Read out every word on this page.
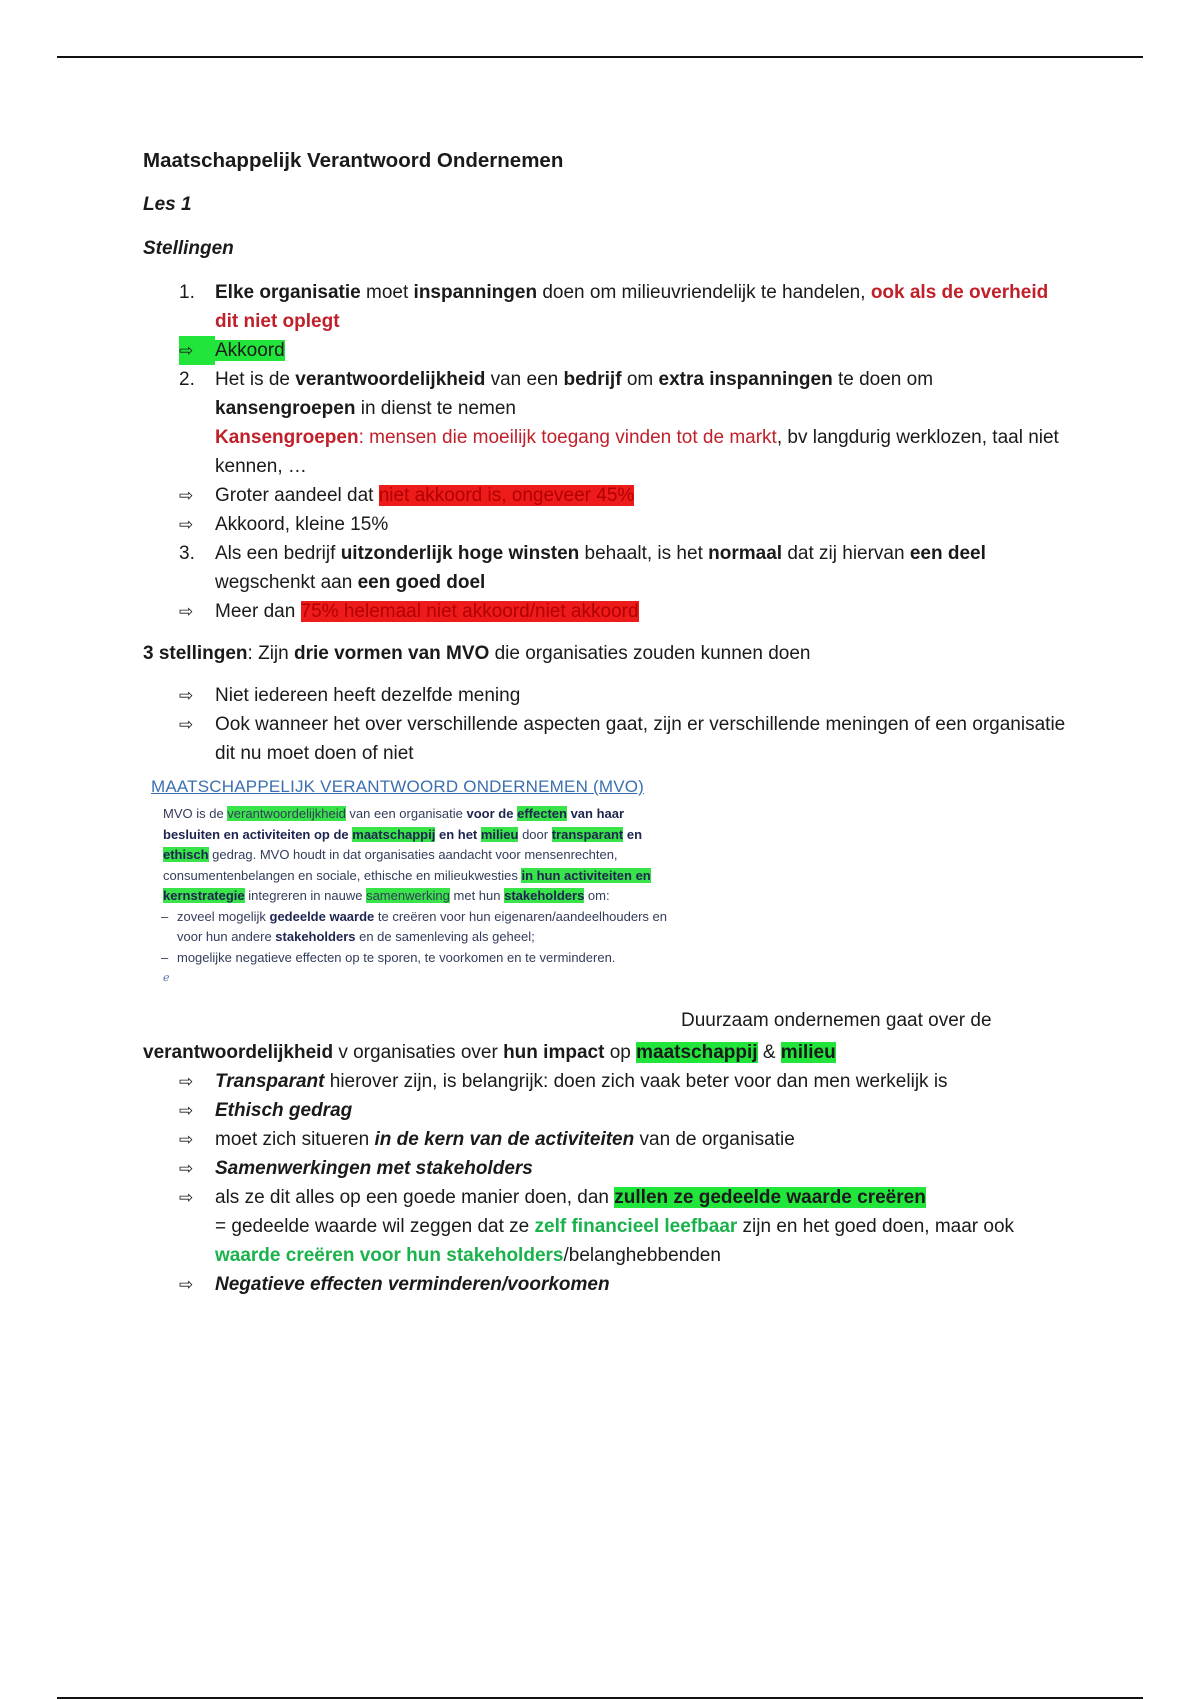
Maatschappelijk Verantwoord Ondernemen
Les 1
Stellingen
1. Elke organisatie moet inspanningen doen om milieuvriendelijk te handelen, ook als de overheid dit niet oplegt
⇨	Akkoord
2. Het is de verantwoordelijkheid van een bedrijf om extra inspanningen te doen om kansengroepen in dienst te nemen
Kansengroepen: mensen die moeilijk toegang vinden tot de markt, bv langdurig werklozen, taal niet kennen, …
⇨	Groter aandeel dat niet akkoord is, ongeveer 45%
⇨	Akkoord, kleine 15%
3. Als een bedrijf uitzonderlijk hoge winsten behaalt, is het normaal dat zij hiervan een deel wegschenkt aan een goed doel
⇨	Meer dan 75% helemaal niet akkoord/niet akkoord
3 stellingen: Zijn drie vormen van MVO die organisaties zouden kunnen doen
⇨	Niet iedereen heeft dezelfde mening
⇨	Ook wanneer het over verschillende aspecten gaat, zijn er verschillende meningen of een organisatie dit nu moet doen of niet
MAATSCHAPPELIJK VERANTWOORD ONDERNEMEN (MVO)
MVO is de verantwoordelijkheid van een organisatie voor de effecten van haar besluiten en activiteiten op de maatschappij en het milieu door transparant en ethisch gedrag. MVO houdt in dat organisaties aandacht voor mensenrechten, consumentenbelangen en sociale, ethische en milieukwesties in hun activiteiten en kernstrategie integreren in nauwe samenwerking met hun stakeholders om:
– zoveel mogelijk gedeelde waarde te creëren voor hun eigenaren/aandeelhouders en voor hun andere stakeholders en de samenleving als geheel;
– mogelijke negatieve effecten op te sporen, te voorkomen en te verminderen.
ℯ
Duurzaam ondernemen gaat over de
verantwoordelijkheid v organisaties over hun impact op maatschappij & milieu
⇨	Transparant hierover zijn, is belangrijk: doen zich vaak beter voor dan men werkelijk is
⇨	Ethisch gedrag
⇨	moet zich situeren in de kern van de activiteiten van de organisatie
⇨	Samenwerkingen met stakeholders
⇨	als ze dit alles op een goede manier doen, dan zullen ze gedeelde waarde creëren
= gedeelde waarde wil zeggen dat ze zelf financieel leefbaar zijn en het goed doen, maar ook waarde creëren voor hun stakeholders/belanghebbenden
⇨	Negatieve effecten verminderen/voorkomen
